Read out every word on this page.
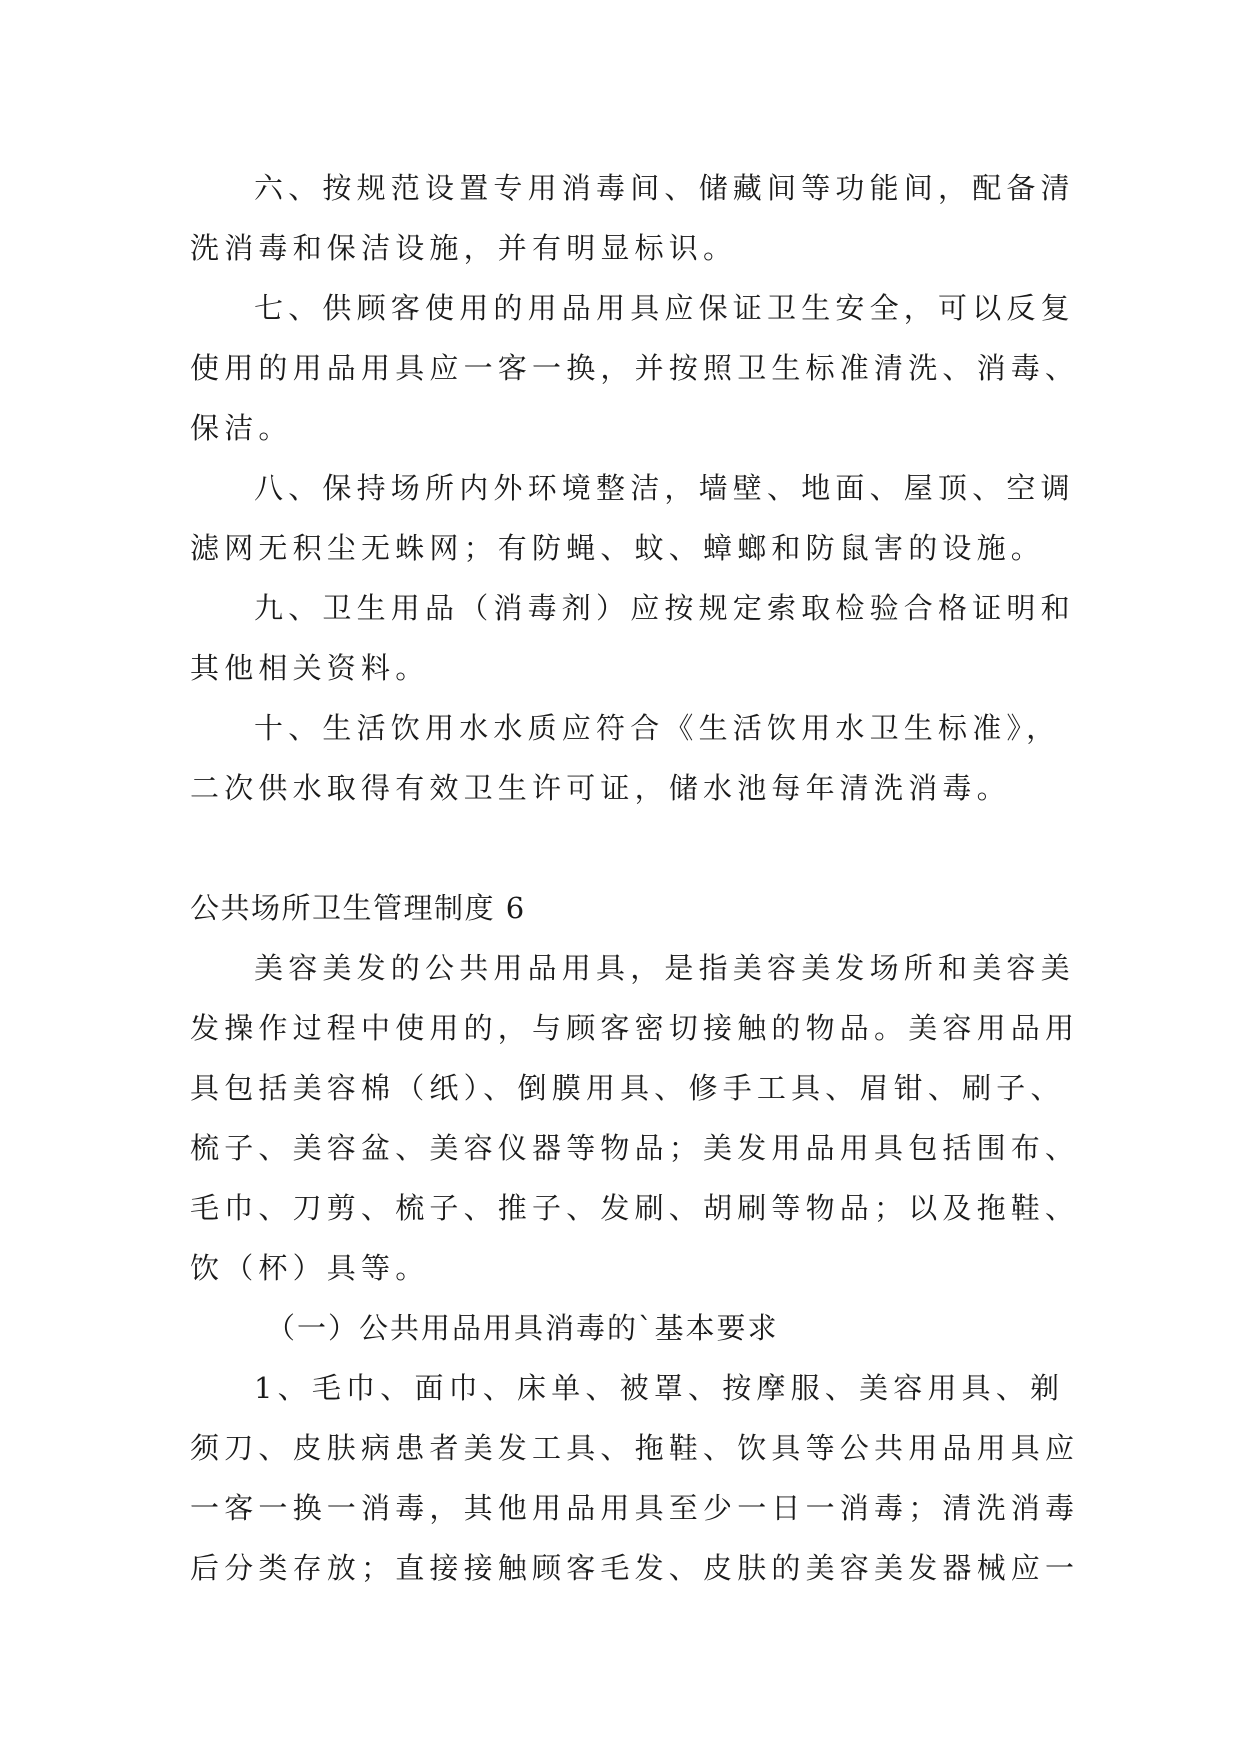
六、按规范设置专用消毒间、储藏间等功能间，配备清
洗消毒和保洁设施，并有明显标识。

七、供顾客使用的用品用具应保证卫生安全，可以反复
使用的用品用具应一客一换，并按照卫生标准清洗、消毒、
保洁。

八、保持场所内外环境整洁，墙壁、地面、屋顶、空调
滤网无积尘无蛛网；有防蝇、蚊、蟑螂和防鼠害的设施。

九、卫生用品（消毒剂）应按规定索取检验合格证明和
其他相关资料。

十、生活饮用水水质应符合《生活饮用水卫生标准》，
二次供水取得有效卫生许可证，储水池每年清洗消毒。

公共场所卫生管理制度 6

美容美发的公共用品用具，是指美容美发场所和美容美
发操作过程中使用的，与顾客密切接触的物品。美容用品用
具包括美容棉（纸）、倒膜用具、修手工具、眉钳、刷子、
梳子、美容盆、美容仪器等物品；美发用品用具包括围布、
毛巾、刀剪、梳子、推子、发刷、胡刷等物品；以及拖鞋、
饮（杯）具等。

（一）公共用品用具消毒的`基本要求

1、毛巾、面巾、床单、被罩、按摩服、美容用具、剃
须刀、皮肤病患者美发工具、拖鞋、饮具等公共用品用具应
一客一换一消毒，其他用品用具至少一日一消毒；清洗消毒
后分类存放；直接接触顾客毛发、皮肤的美容美发器械应一
